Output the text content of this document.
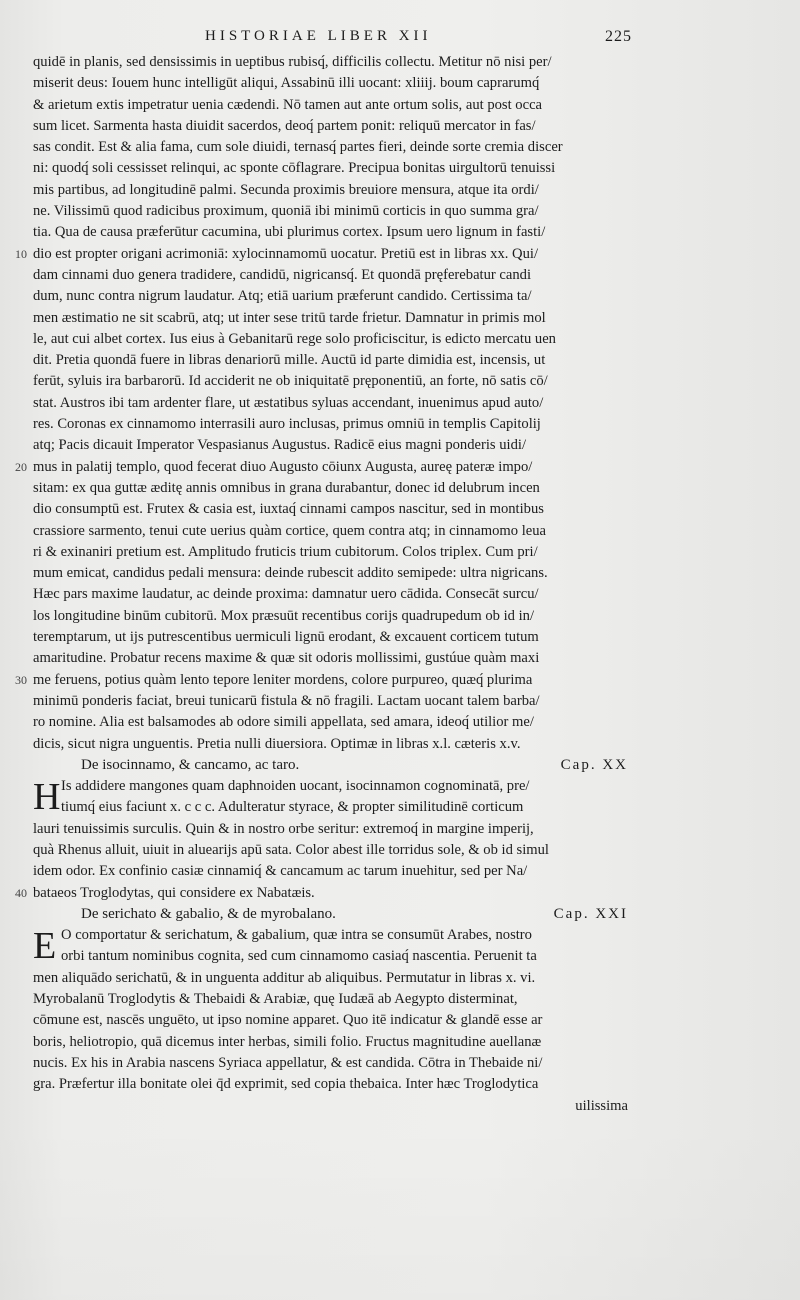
HISTORIAE LIBER XII	225
quidē in planis, sed densissimis in ueptibus rubisq́, difficilis collectu. Metitur nō nisi per/
miserit deus: Iouem hunc intelligūt aliqui, Assabinū illi uocant: xliiij. boum caprarumq́
& arietum extis impetratur uenia cædendi. Nō tamen aut ante ortum solis, aut post occa
sum licet. Sarmenta hasta diuidit sacerdos, deoq́ partem ponit: reliquū mercator in fas/
sas condit. Est & alia fama, cum sole diuidi, ternasq́ partes fieri, deinde sorte cremia discer
ni: quodq́ soli cessisset relinqui, ac sponte cōflagrare. Precipua bonitas uirgultorū tenuissi
mis partibus, ad longitudinē palmi. Secunda proximis breuiore mensura, atque ita ordi/
ne. Vilissimū quod radicibus proximum, quoniā ibi minimū corticis in quo summa gra/
tia. Qua de causa præferūtur cacumina, ubi plurimus cortex. Ipsum uero lignum in fasti/
10 dio est propter origani acrimoniā: xylocinnamomū uocatur. Pretiū est in libras xx. Qui/
dam cinnami duo genera tradidere, candidū, nigricansq́. Et quondā pręferebatur candi
dum, nunc contra nigrum laudatur. Atq; etiā uarium præferunt candido. Certissima ta/
men æstimatio ne sit scabrū, atq; ut inter sese tritū tarde frietur. Damnatur in primis mol
le, aut cui albet cortex. Ius eius à Gebanitarū rege solo proficiscitur, is edicto mercatu uen
dit. Pretia quondā fuere in libras denariorū mille. Auctū id parte dimidia est, incensis, ut
ferūt, syluis ira barbarorū. Id acciderit ne ob iniquitatē pręponentiū, an forte, nō satis cō/
stat. Austros ibi tam ardenter flare, ut æstatibus syluas accendant, inuenimus apud auto/
res. Coronas ex cinnamomo interrasili auro inclusas, primus omniū in templis Capitolij
atq; Pacis dicauit Imperator Vespasianus Augustus. Radicē eius magni ponderis uidi/
20 mus in palatij templo, quod fecerat diuo Augusto cōiunx Augusta, aureę pateræ impo/
sitam: ex qua guttæ æditę annis omnibus in grana durabantur, donec id delubrum incen
dio consumptū est. Frutex & casia est, iuxtaq́ cinnami campos nascitur, sed in montibus
crassiore sarmento, tenui cute uerius quàm cortice, quem contra atq; in cinnamomo leua
ri & exinaniri pretium est. Amplitudo fruticis trium cubitorum. Colos triplex. Cum pri/
mum emicat, candidus pedali mensura: deinde rubescit addito semipede: ultra nigricans.
Hæc pars maxime laudatur, ac deinde proxima: damnatur uero cādida. Consecāt surcu/
los longitudine binūm cubitorū. Mox præsuūt recentibus corijs quadrupedum ob id in/
teremptarum, ut ijs putrescentibus uermiculi lignū erodant, & excauent corticem tutum
amaritudine. Probatur recens maxime & quæ sit odoris mollissimi, gustúue quàm maxi
30 me feruens, potius quàm lento tepore leniter mordens, colore purpureo, quæq́ plurima
minimū ponderis faciat, breui tunicarū fistula & nō fragili. Lactam uocant talem barba/
ro nomine. Alia est balsamodes ab odore simili appellata, sed amara, ideoq́ utilior me/
dicis, sicut nigra unguentis. Pretia nulli diuersiora. Optimæ in libras x.l. cæteris x.v.
De isocinnamo, & cancamo, ac taro.	Cap. XX
H Is addidere mangones quam daphnoiden uocant, isocinnamon cognominatā, pre/
tiumq́ eius faciunt x. c c c. Adulteratur styrace, & propter similitudinē corticum
lauri tenuissimis surculis. Quin & in nostro orbe seritur: extremoq́ in margine imperij,
quà Rhenus alluit, uiuit in aluearijs apū sata. Color abest ille torridus sole, & ob id simul
idem odor. Ex confinio casiæ cinnamiq́ & cancamum ac tarum inuehitur, sed per Na/
40 bataeos Troglodytas, qui considere ex Nabatæis.
De serichato & gabalio, & de myrobalano.	Cap. XXI
E O comportatur & serichatum, & gabalium, quæ intra se consumūt Arabes, nostro
orbi tantum nominibus cognita, sed cum cinnamomo casiaq́ nascentia. Peruenit ta
men aliquādo serichatū, & in unguenta additur ab aliquibus. Permutatur in libras x. vi.
Myrobalanū Troglodytis & Thebaidi & Arabiæ, quę Iudæā ab Aegypto disterminat,
cōmune est, nascēs unguēto, ut ipso nomine apparet. Quo itē indicatur & glandē esse ar
boris, heliotropio, quā dicemus inter herbas, simili folio. Fructus magnitudine auellanæ
nucis. Ex his in Arabia nascens Syriaca appellatur, & est candida. Cōtra in Thebaide ni/
gra. Præfertur illa bonitate olei q̄d exprimit, sed copia thebaica. Inter hæc Troglodytica
uilissima
